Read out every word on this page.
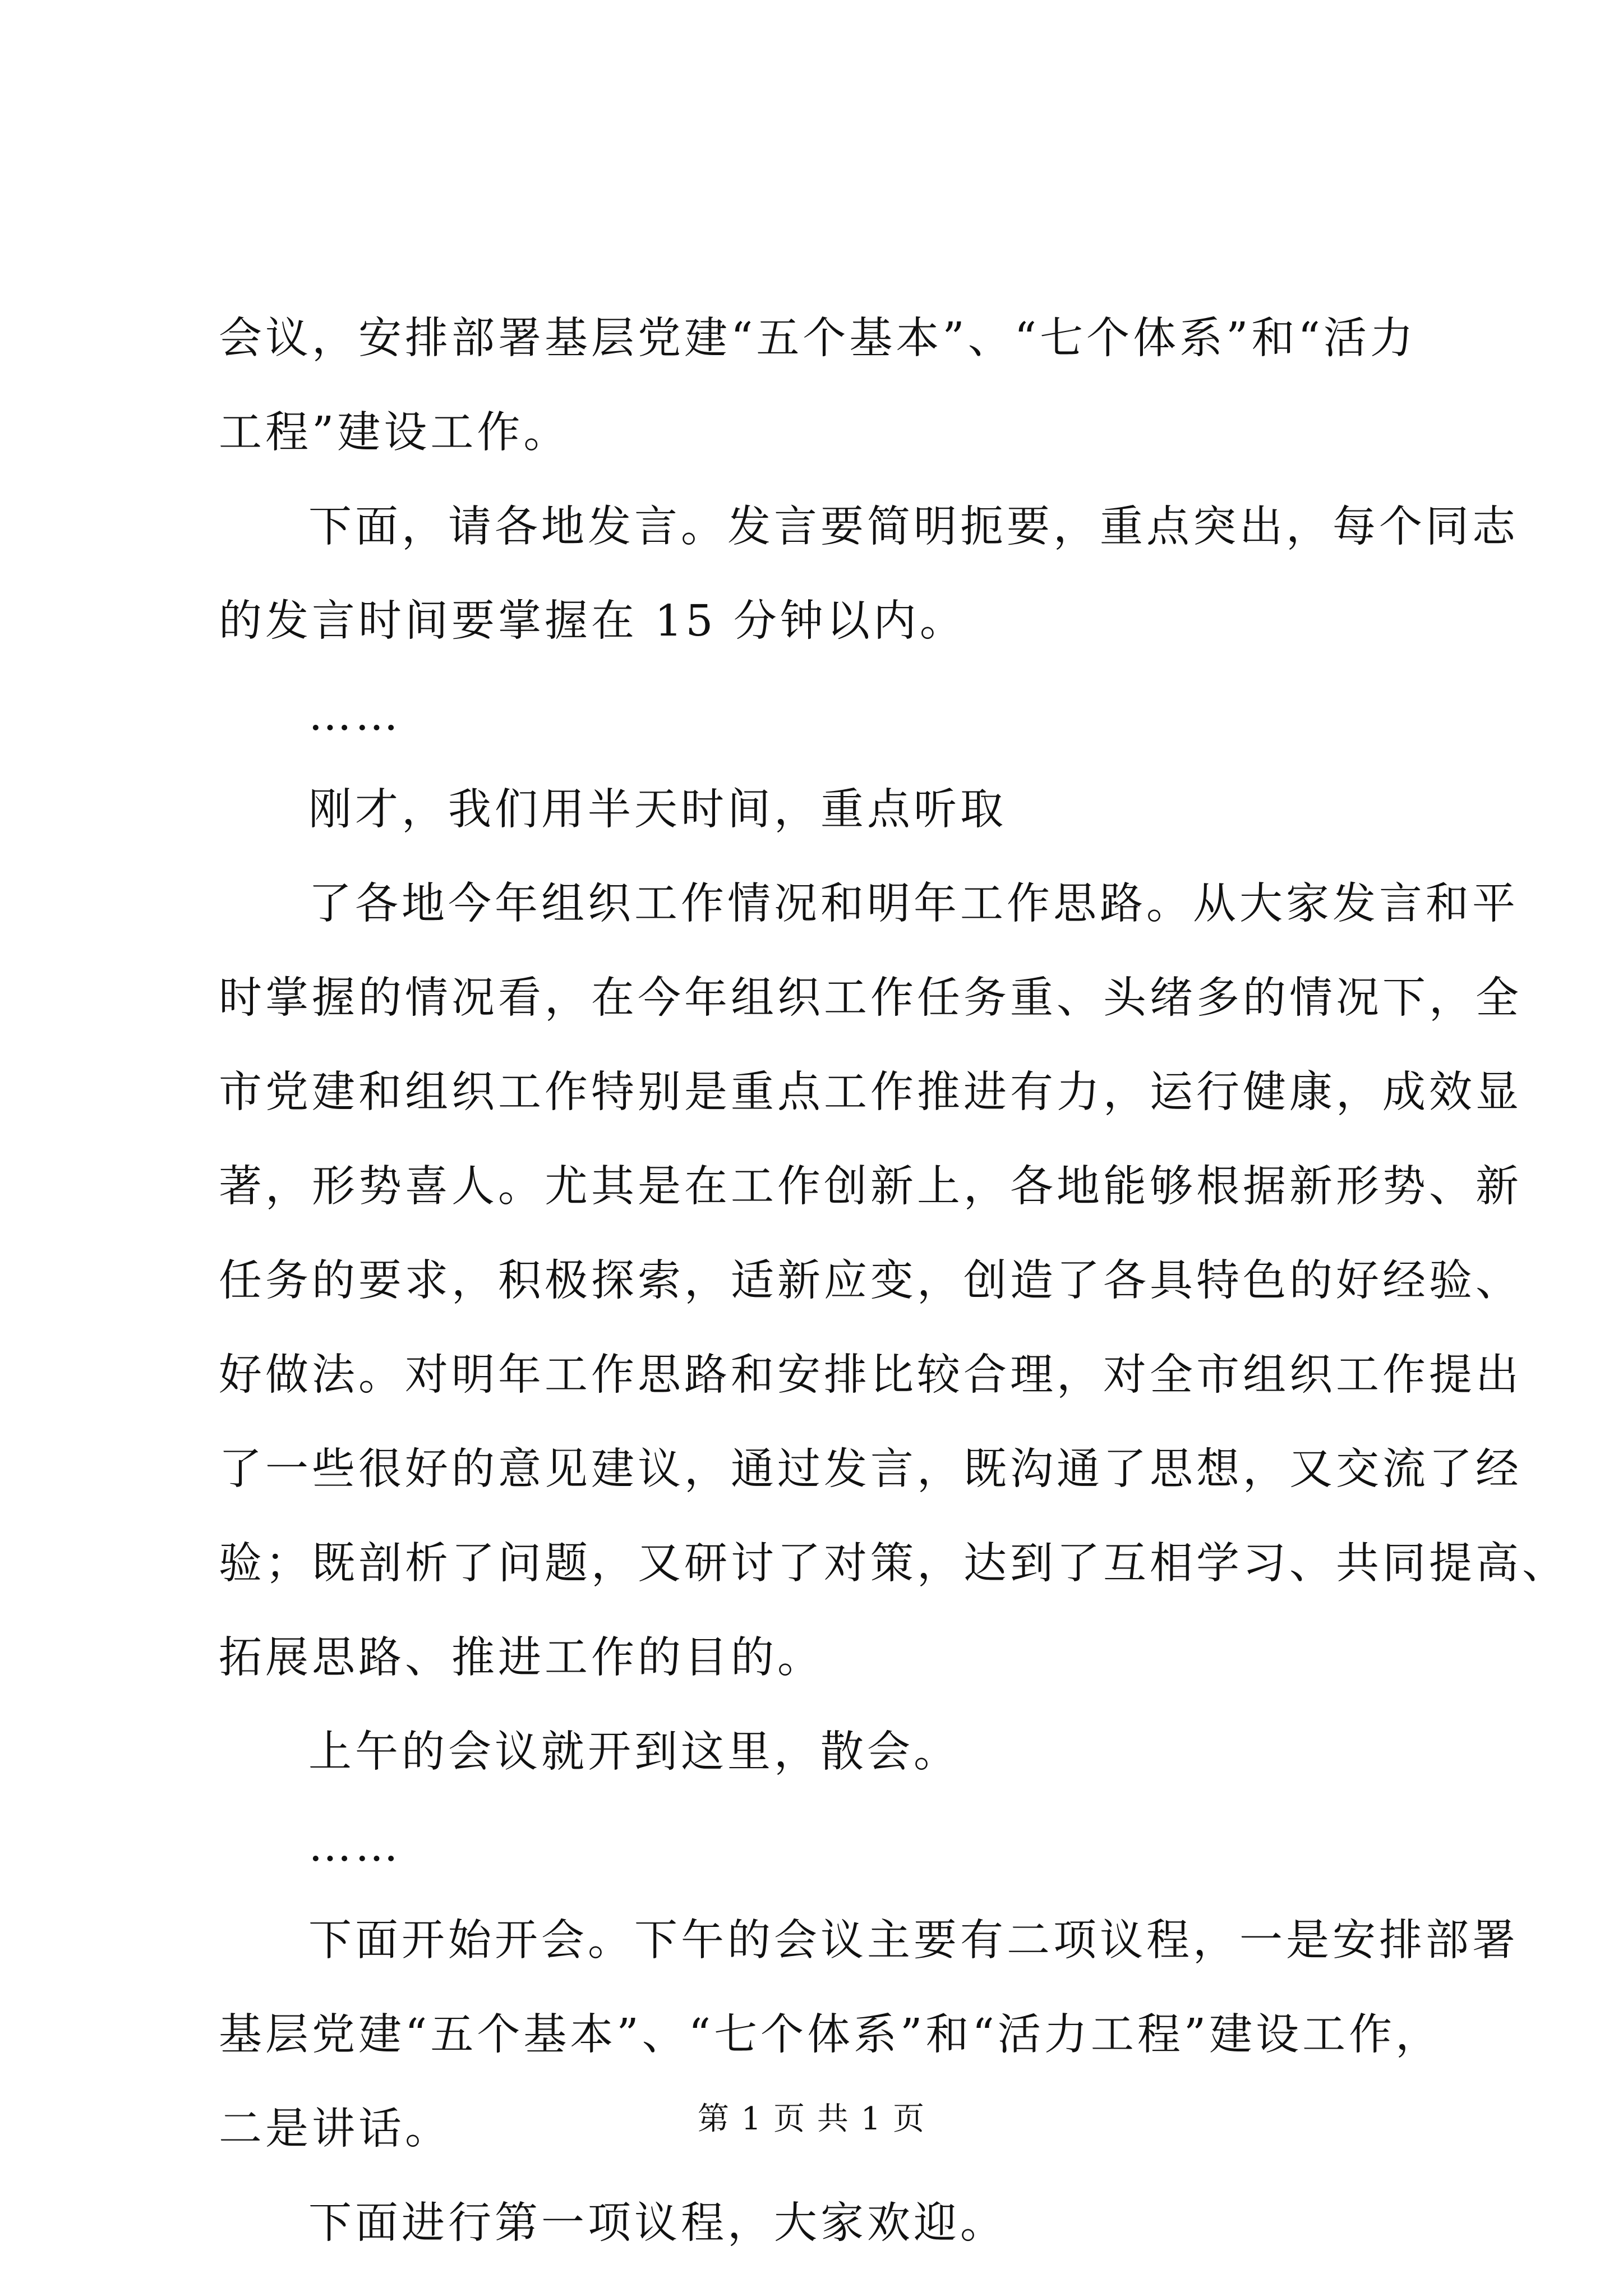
会议，安排部署基层党建“五个基本”、“七个体系”和“活力
工程”建设工作。
下面，请各地发言。发言要简明扼要，重点突出，每个同志
的发言时间要掌握在 15 分钟以内。
……
刚才，我们用半天时间，重点听取
了各地今年组织工作情况和明年工作思路。从大家发言和平
时掌握的情况看，在今年组织工作任务重、头绪多的情况下，全
市党建和组织工作特别是重点工作推进有力，运行健康，成效显
著，形势喜人。尤其是在工作创新上，各地能够根据新形势、新
任务的要求，积极探索，适新应变，创造了各具特色的好经验、
好做法。对明年工作思路和安排比较合理，对全市组织工作提出
了一些很好的意见建议，通过发言，既沟通了思想，又交流了经
验；既剖析了问题，又研讨了对策，达到了互相学习、共同提高、
拓展思路、推进工作的目的。
上午的会议就开到这里，散会。
……
下面开始开会。下午的会议主要有二项议程，一是安排部署
基层党建“五个基本”、“七个体系”和“活力工程”建设工作，
二是讲话。
下面进行第一项议程，大家欢迎。
第 1 页 共 1 页
